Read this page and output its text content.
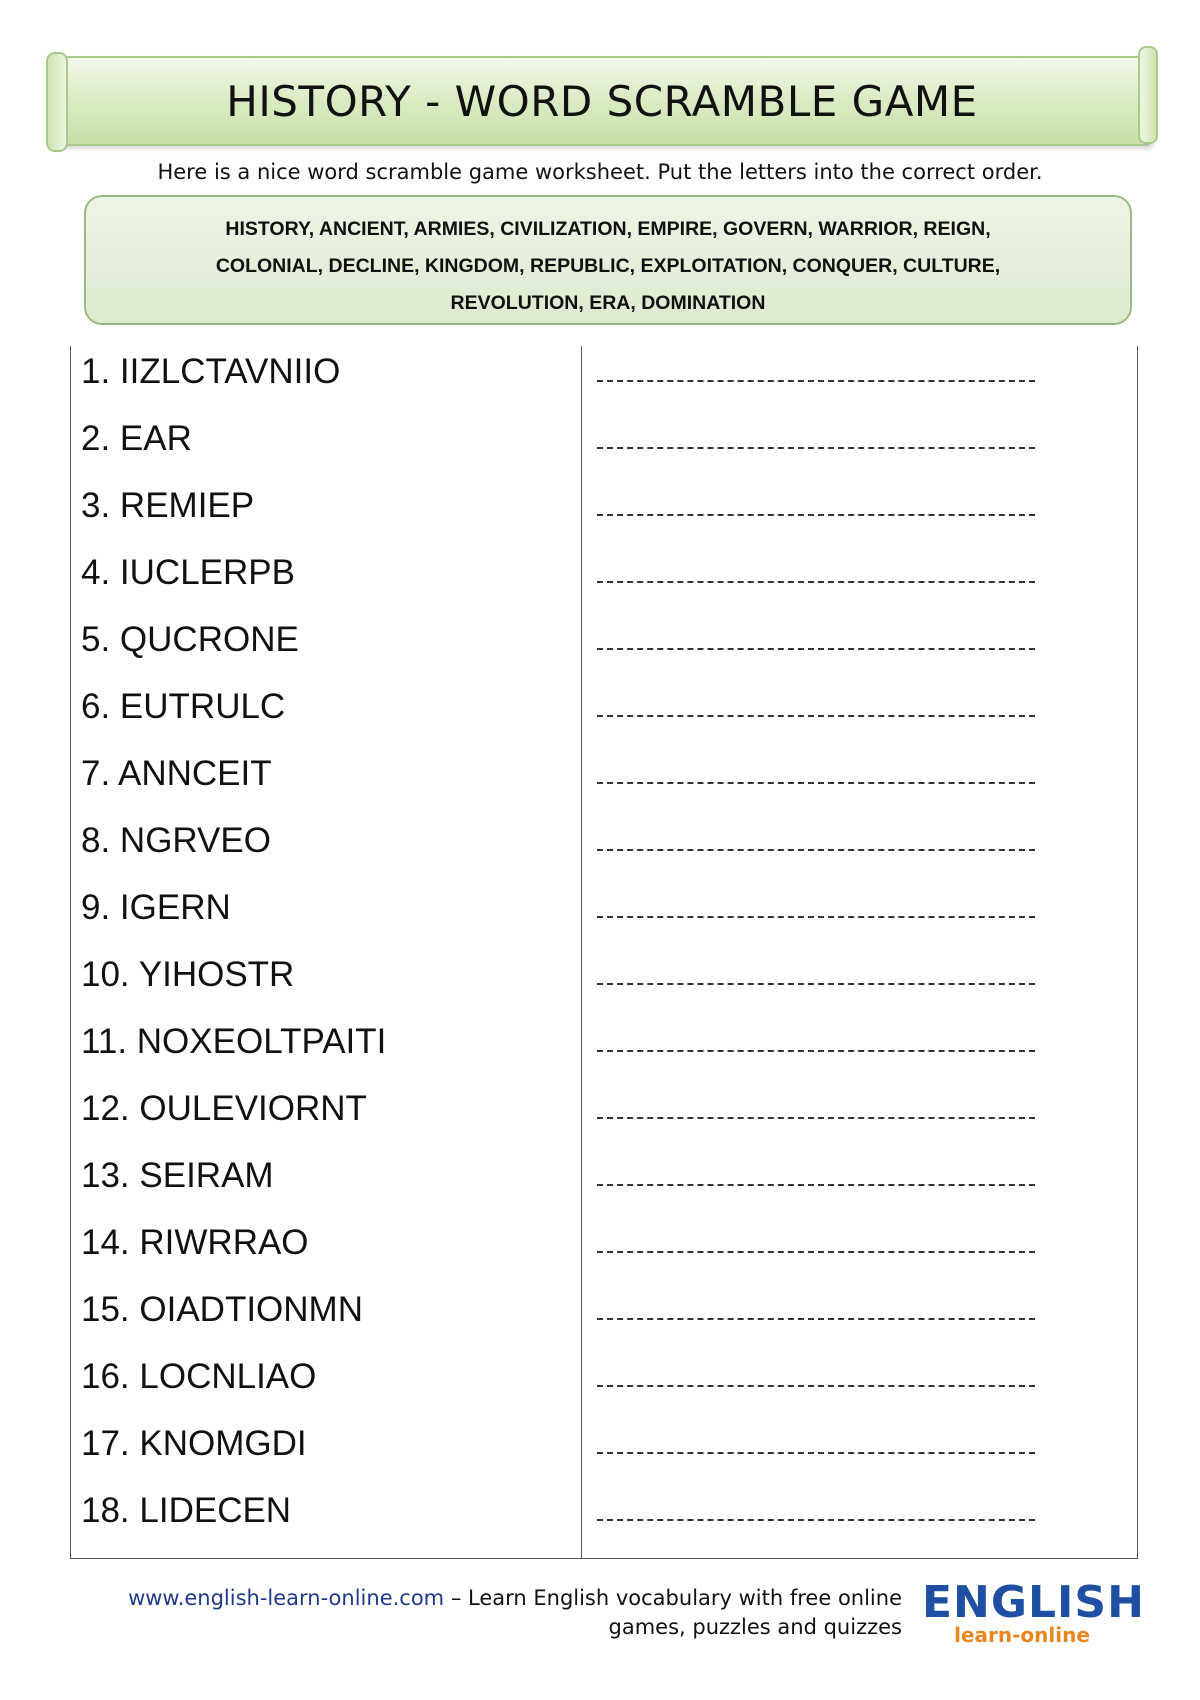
HISTORY - WORD SCRAMBLE GAME
Here is a nice word scramble game worksheet. Put the letters into the correct order.
HISTORY, ANCIENT, ARMIES, CIVILIZATION, EMPIRE, GOVERN, WARRIOR, REIGN,
COLONIAL, DECLINE, KINGDOM, REPUBLIC, EXPLOITATION, CONQUER, CULTURE,
REVOLUTION, ERA, DOMINATION
1. IIZLCTAVNIIO
2. EAR
3. REMIEP
4. IUCLERPB
5. QUCRONE
6. EUTRULC
7. ANNCEIT
8. NGRVEO
9. IGERN
10. YIHOSTR
11. NOXEOLTPAITI
12. OULEVIORNT
13. SEIRAM
14. RIWRRAO
15. OIADTIONMN
16. LOCNLIAO
17. KNOMGDI
18. LIDECEN
www.english-learn-online.com – Learn English vocabulary with free online
games, puzzles and quizzes ENGLISH
learn-online
